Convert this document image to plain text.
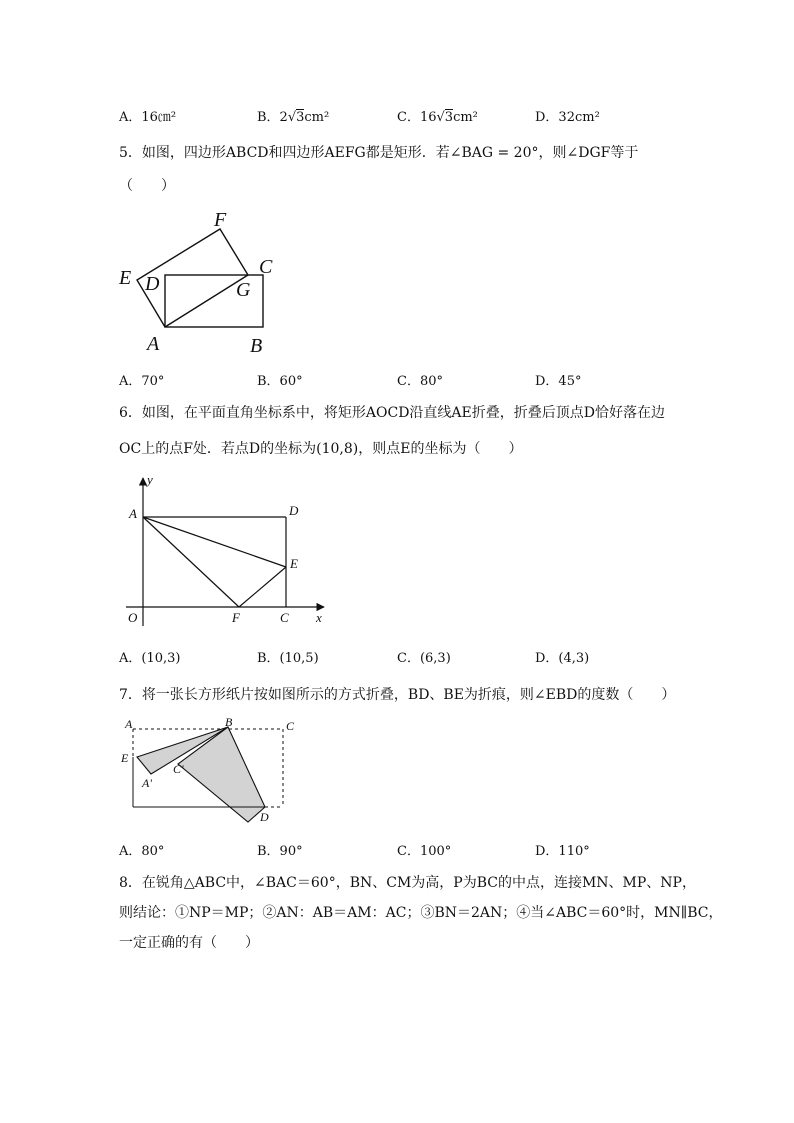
A．16㎝²	B．2√3cm²	C．16√3cm²	D．32cm²
5．如图，四边形ABCD和四边形AEFG都是矩形．若∠BAG = 20°，则∠DGF等于
（　　）
F
E D
C
G
A	B
A．70°	B．60°	C．80°	D．45°
6．如图，在平面直角坐标系中，将矩形AOCD沿直线AE折叠，折叠后顶点D恰好落在边
OC上的点F处．若点D的坐标为(10,8)，则点E的坐标为（　　）
y
A	D
E
O	F	C x
A．(10,3)	B．(10,5)	C．(6,3)	D．(4,3)
7．将一张长方形纸片按如图所示的方式折叠，BD、BE为折痕，则∠EBD的度数（　　）
A	B	C
E
C'
A'
D
A．80°	B．90°	C．100°	D．110°
8．在锐角△ABC中，∠BAC＝60°，BN、CM为高，P为BC的中点，连接MN、MP、NP，
则结论：①NP＝MP；②AN：AB＝AM：AC；③BN＝2AN；④当∠ABC＝60°时，MN∥BC，
一定正确的有（　　）
